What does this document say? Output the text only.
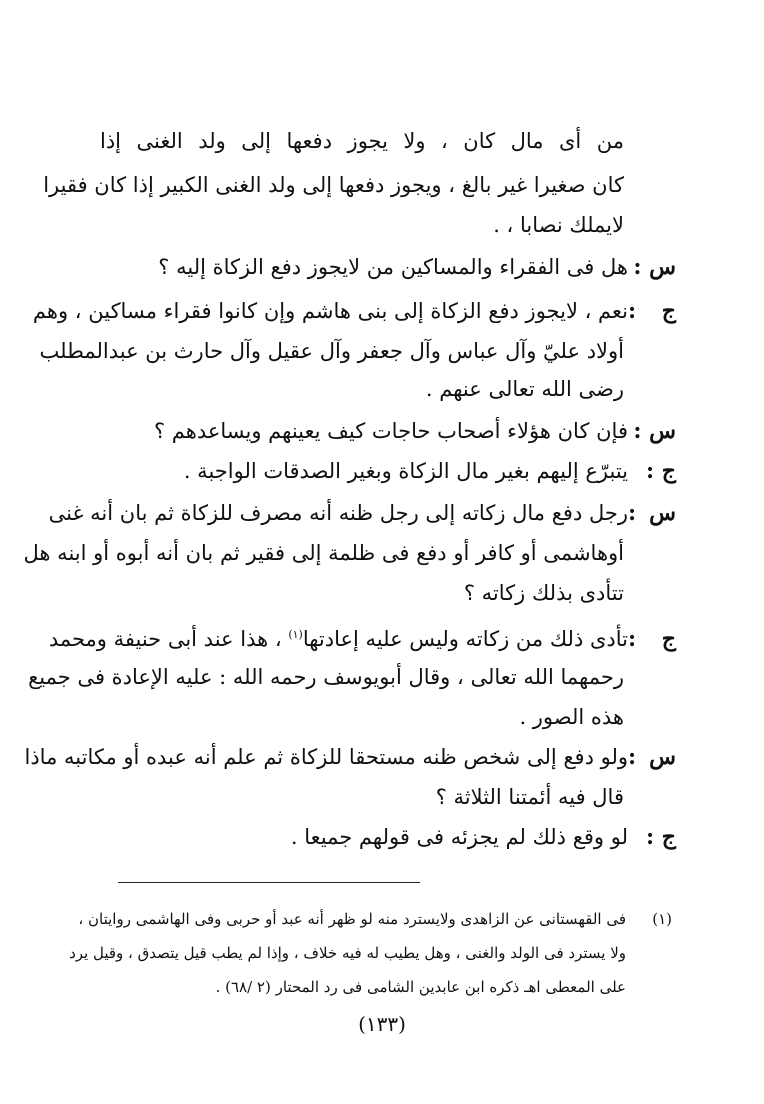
من أى مال كان ، ولا يجوز دفعها إلى ولد الغنى إذا
كان صغيرا غير بالغ ، ويجوز دفعها إلى ولد الغنى الكبير إذا كان فقيرا
لايملك نصابا ، .
س :هل فى الفقراء والمساكين من لايجوز دفع الزكاة إليه ؟
ج :نعم ، لايجوز دفع الزكاة إلى بنى هاشم وإن كانوا فقراء مساكين ، وهم
أولاد عليّ وآل عباس وآل جعفر وآل عقيل وآل حارث بن عبدالمطلب
رضى الله تعالى عنهم .
س :فإن كان هؤلاء أصحاب حاجات كيف يعينهم ويساعدهم ؟
ج :يتبرّع إليهم بغير مال الزكاة وبغير الصدقات الواجبة .
س :رجل دفع مال زكاته إلى رجل ظنه أنه مصرف للزكاة ثم بان أنه غنى
أوهاشمى أو كافر أو دفع فى ظلمة إلى فقير ثم بان أنه أبوه أو ابنه هل
تتأدى بذلك زكاته ؟
ج :تأدى ذلك من زكاته وليس عليه إعادتها$^{(١)}$ ، هذا عند أبى حنيفة ومحمد
رحمهما الله تعالى ، وقال أبويوسف رحمه الله : عليه الإعادة فى جميع
هذه الصور .
س :ولو دفع إلى شخص ظنه مستحقا للزكاة ثم علم أنه عبده أو مكاتبه ماذا
قال فيه أئمتنا الثلاثة ؟
ج :لو وقع ذلك لم يجزئه فى قولهم جميعا .
(١)
فى القهستانى عن الزاهدى ولايسترد منه لو ظهر أنه عبد أو حربى وفى الهاشمى روايتان ،
ولا يسترد فى الولد والغنى ، وهل يطيب له فيه خلاف ، وإذا لم يطب قيل يتصدق ، وقيل يرد
على المعطى اهـ ذكره ابن عابدين الشامى فى رد المحتار (٢ /٦٨) .
(١٣٣)
